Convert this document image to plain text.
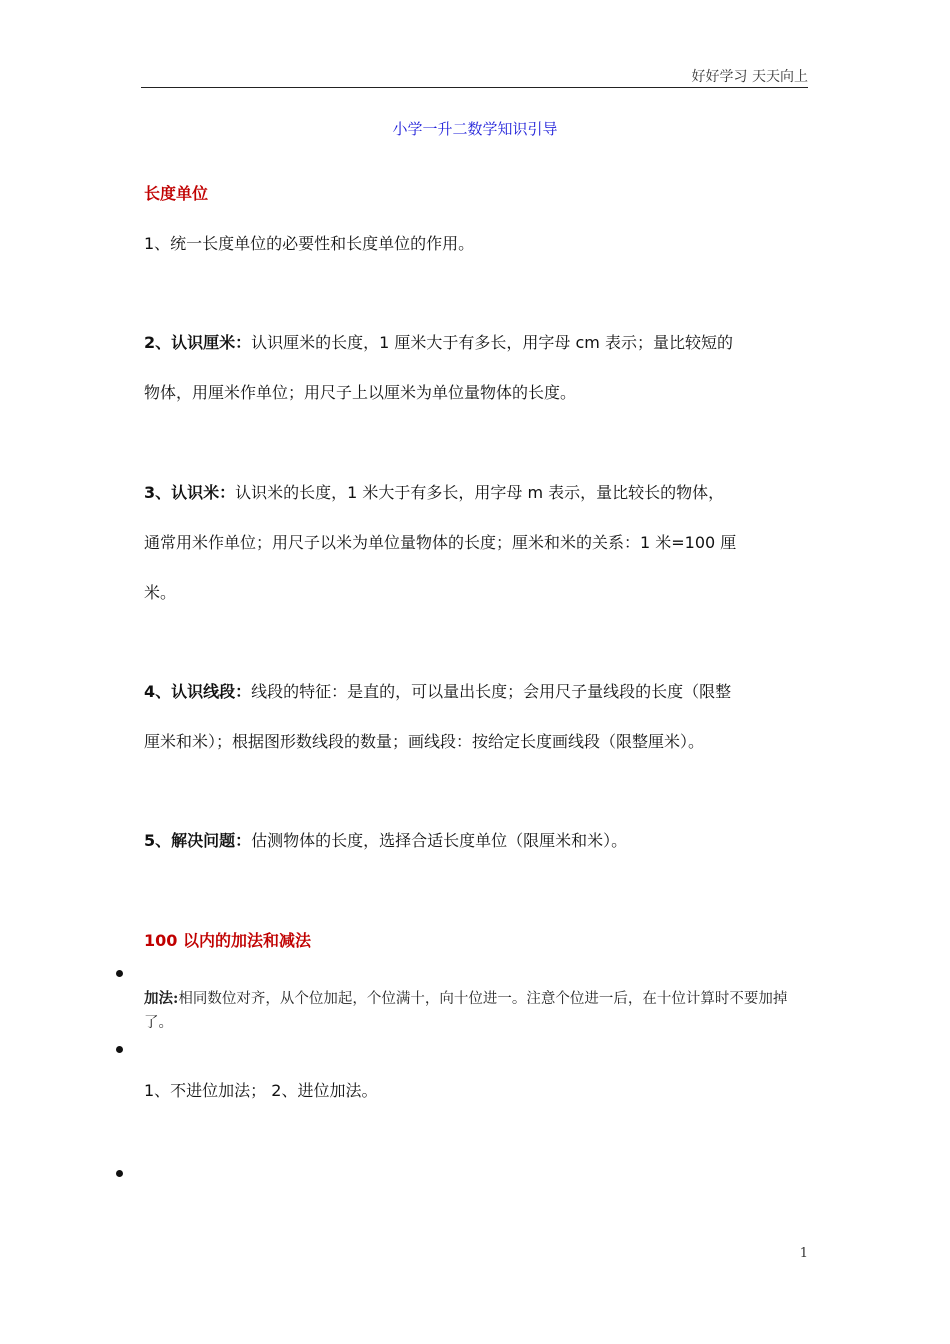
好好学习 天天向上
小学一升二数学知识引导
长度单位
1、统一长度单位的必要性和长度单位的作用。
2、认识厘米：认识厘米的长度，1 厘米大于有多长，用字母 cm 表示；量比较短的
物体，用厘米作单位；用尺子上以厘米为单位量物体的长度。
3、认识米：认识米的长度，1 米大于有多长，用字母 m 表示，量比较长的物体，
通常用米作单位；用尺子以米为单位量物体的长度；厘米和米的关系：1 米=100 厘
米。
4、认识线段：线段的特征：是直的，可以量出长度；会用尺子量线段的长度（限整
厘米和米）；根据图形数线段的数量；画线段：按给定长度画线段（限整厘米）。
5、解决问题：估测物体的长度，选择合适长度单位（限厘米和米）。
100 以内的加法和减法
加法:相同数位对齐，从个位加起，个位满十，向十位进一。注意个位进一后，在十位计算时不要加掉了。
1、不进位加法； 2、进位加法。
1
